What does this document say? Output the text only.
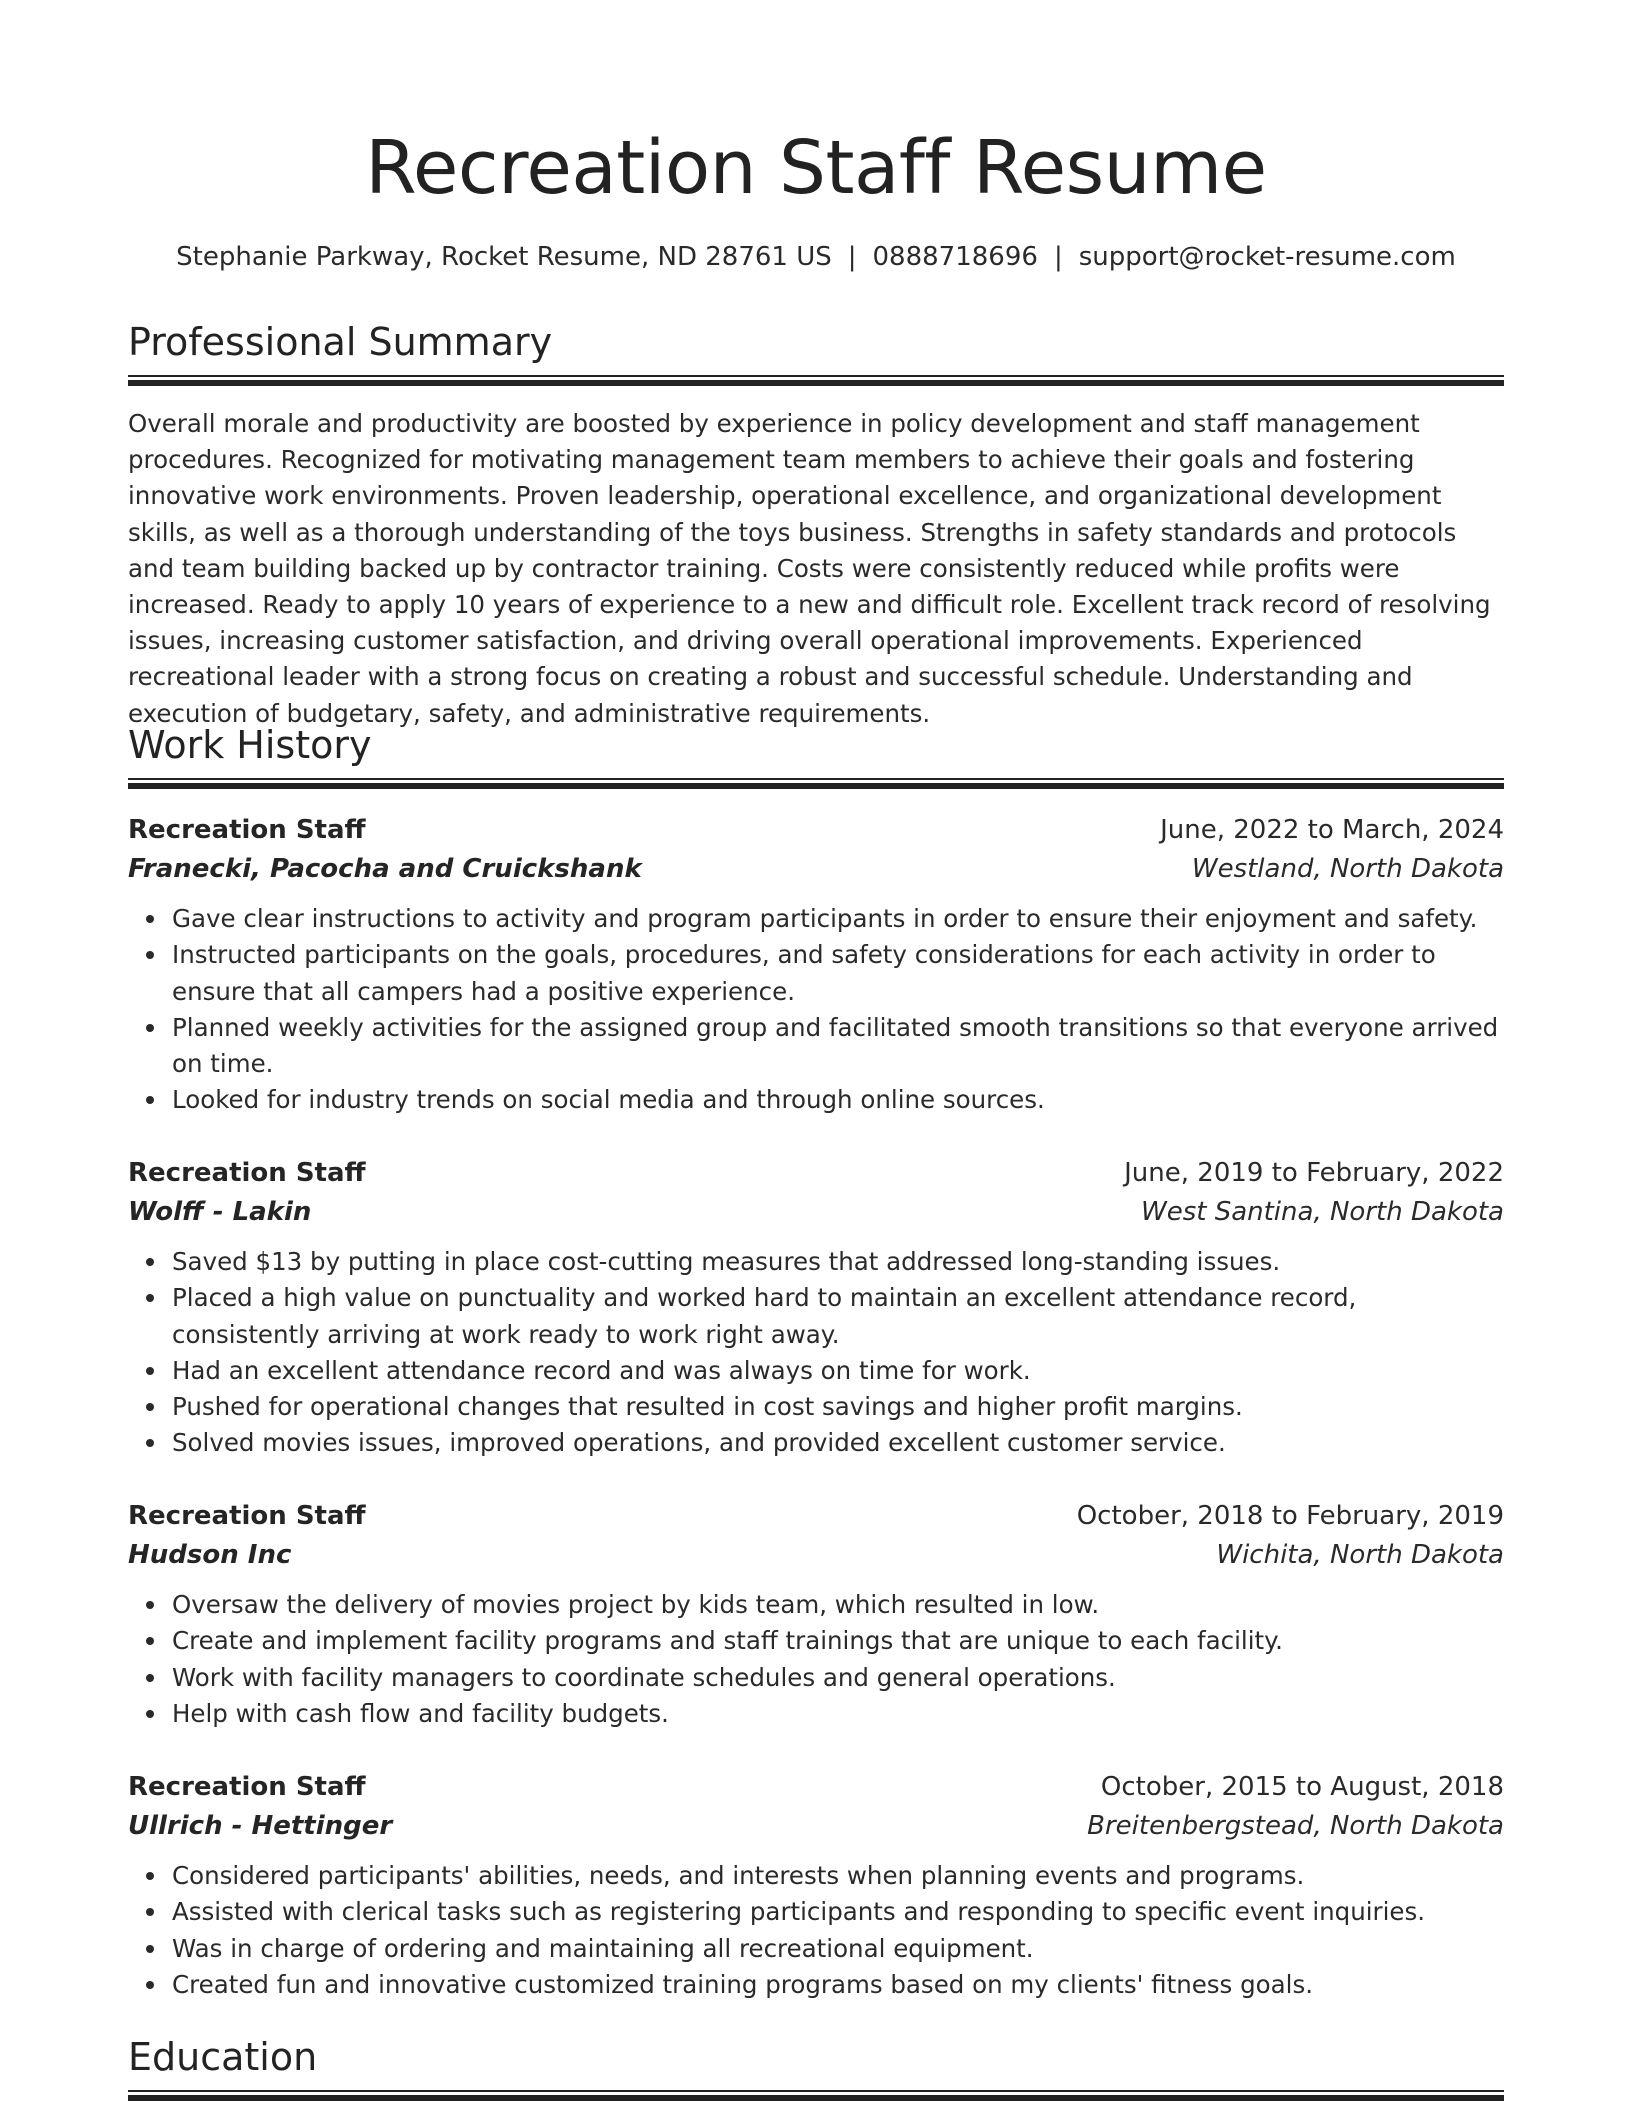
Recreation Staff Resume
Stephanie Parkway, Rocket Resume, ND 28761 US | 0888718696 | support@rocket-resume.com
Professional Summary

Overall morale and productivity are boosted by experience in policy development and staff management procedures. Recognized for motivating management team members to achieve their goals and fostering innovative work environments. Proven leadership, operational excellence, and organizational development skills, as well as a thorough understanding of the toys business. Strengths in safety standards and protocols and team building backed up by contractor training. Costs were consistently reduced while profits were increased. Ready to apply 10 years of experience to a new and difficult role. Excellent track record of resolving issues, increasing customer satisfaction, and driving overall operational improvements. Experienced recreational leader with a strong focus on creating a robust and successful schedule. Understanding and execution of budgetary, safety, and administrative requirements.

Work History
Recreation Staff	June, 2022 to March, 2024
Franecki, Pacocha and Cruickshank	Westland, North Dakota
Gave clear instructions to activity and program participants in order to ensure their enjoyment and safety.
Instructed participants on the goals, procedures, and safety considerations for each activity in order to ensure that all campers had a positive experience.
Planned weekly activities for the assigned group and facilitated smooth transitions so that everyone arrived on time.
Looked for industry trends on social media and through online sources.
Recreation Staff	June, 2019 to February, 2022
Wolff - Lakin	West Santina, North Dakota
Saved $13 by putting in place cost-cutting measures that addressed long-standing issues.
Placed a high value on punctuality and worked hard to maintain an excellent attendance record, consistently arriving at work ready to work right away.
Had an excellent attendance record and was always on time for work.
Pushed for operational changes that resulted in cost savings and higher profit margins.
Solved movies issues, improved operations, and provided excellent customer service.
Recreation Staff	October, 2018 to February, 2019
Hudson Inc	Wichita, North Dakota
Oversaw the delivery of movies project by kids team, which resulted in low.
Create and implement facility programs and staff trainings that are unique to each facility.
Work with facility managers to coordinate schedules and general operations.
Help with cash flow and facility budgets.
Recreation Staff	October, 2015 to August, 2018
Ullrich - Hettinger	Breitenbergstead, North Dakota
Considered participants' abilities, needs, and interests when planning events and programs.
Assisted with clerical tasks such as registering participants and responding to specific event inquiries.
Was in charge of ordering and maintaining all recreational equipment.
Created fun and innovative customized training programs based on my clients' fitness goals.
Education
